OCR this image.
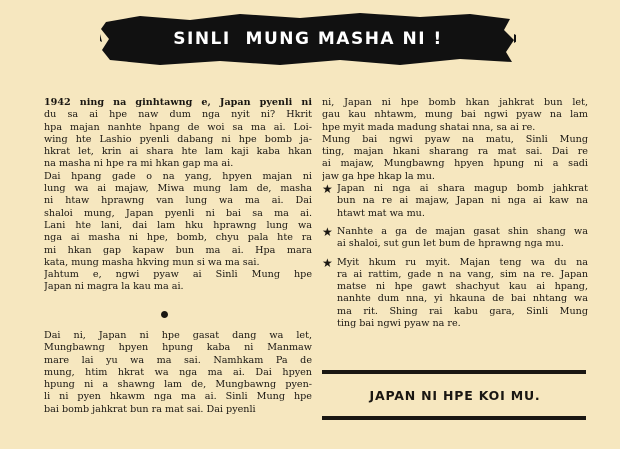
SINLI  MUNG MASHA NI !
1942 ning na ginhtawng e, Japan pyenli ni
du sa ai hpe naw dum nga nyit ni? Hkrit
hpa majan nanhte hpang de woi sa ma ai. Loi-
wing hte Lashio pyenli dabang ni hpe bomb ja-
hkrat let, krin ai shara hte lam kaji kaba hkan
na masha ni hpe ra mi hkan gap ma ai.
Dai hpang gade o na yang, hpyen majan ni
lung wa ai majaw, Miwa mung lam de, masha
ni htaw hprawng van lung wa ma ai. Dai
shaloi mung, Japan pyenli ni bai sa ma ai.
Lani hte lani, dai lam hku hprawng lung wa
nga ai masha ni hpe, bomb, chyu pala hte ra
mi hkan gap kapaw bun ma ai. Hpa mara
kata, mung masha hkving mun si wa ma sai.
Jahtum e, ngwi pyaw ai Sinli Mung hpe
Japan ni magra la kau ma ai.
Dai ni, Japan ni hpe gasat dang wa let,
Mungbawng hpyen hpung kaba ni Manmaw
mare lai yu wa ma sai. Namhkam Pa de
mung, htim hkrat wa nga ma ai. Dai hpyen
hpung ni a shawng lam de, Mungbawng pyen-
li ni pyen hkawm nga ma ai. Sinli Mung hpe
bai bomb jahkrat bun ra mat sai. Dai pyenli
ni, Japan ni hpe bomb hkan jahkrat bun let,
gau kau nhtawm, mung bai ngwi pyaw na lam
hpe myit mada madung shatai nna, sa ai re.
Mung bai ngwi pyaw na matu, Sinli Mung
ting, majan hkani sharang ra mat sai. Dai re
ai majaw, Mungbawng hpyen hpung ni a sadi
jaw ga hpe hkap la mu.
★ Japan ni nga ai shara magup bomb jahkrat
bun na re ai majaw, Japan ni nga ai kaw na
htawt mat wa mu.
★ Nanhte a ga de majan gasat shin shang wa
ai shaloi, sut gun let bum de hprawng nga mu.
★ Myit hkum ru myit. Majan teng wa du na
ra ai rattim, gade n na vang, sim na re. Japan
matse ni hpe gawt shachyut kau ai hpang,
nanhte dum nna, yi hkauna de bai nhtang wa
ma rit. Shing rai kabu gara, Sinli Mung
ting bai ngwi pyaw na re.
JAPAN NI HPE KOI MU.
